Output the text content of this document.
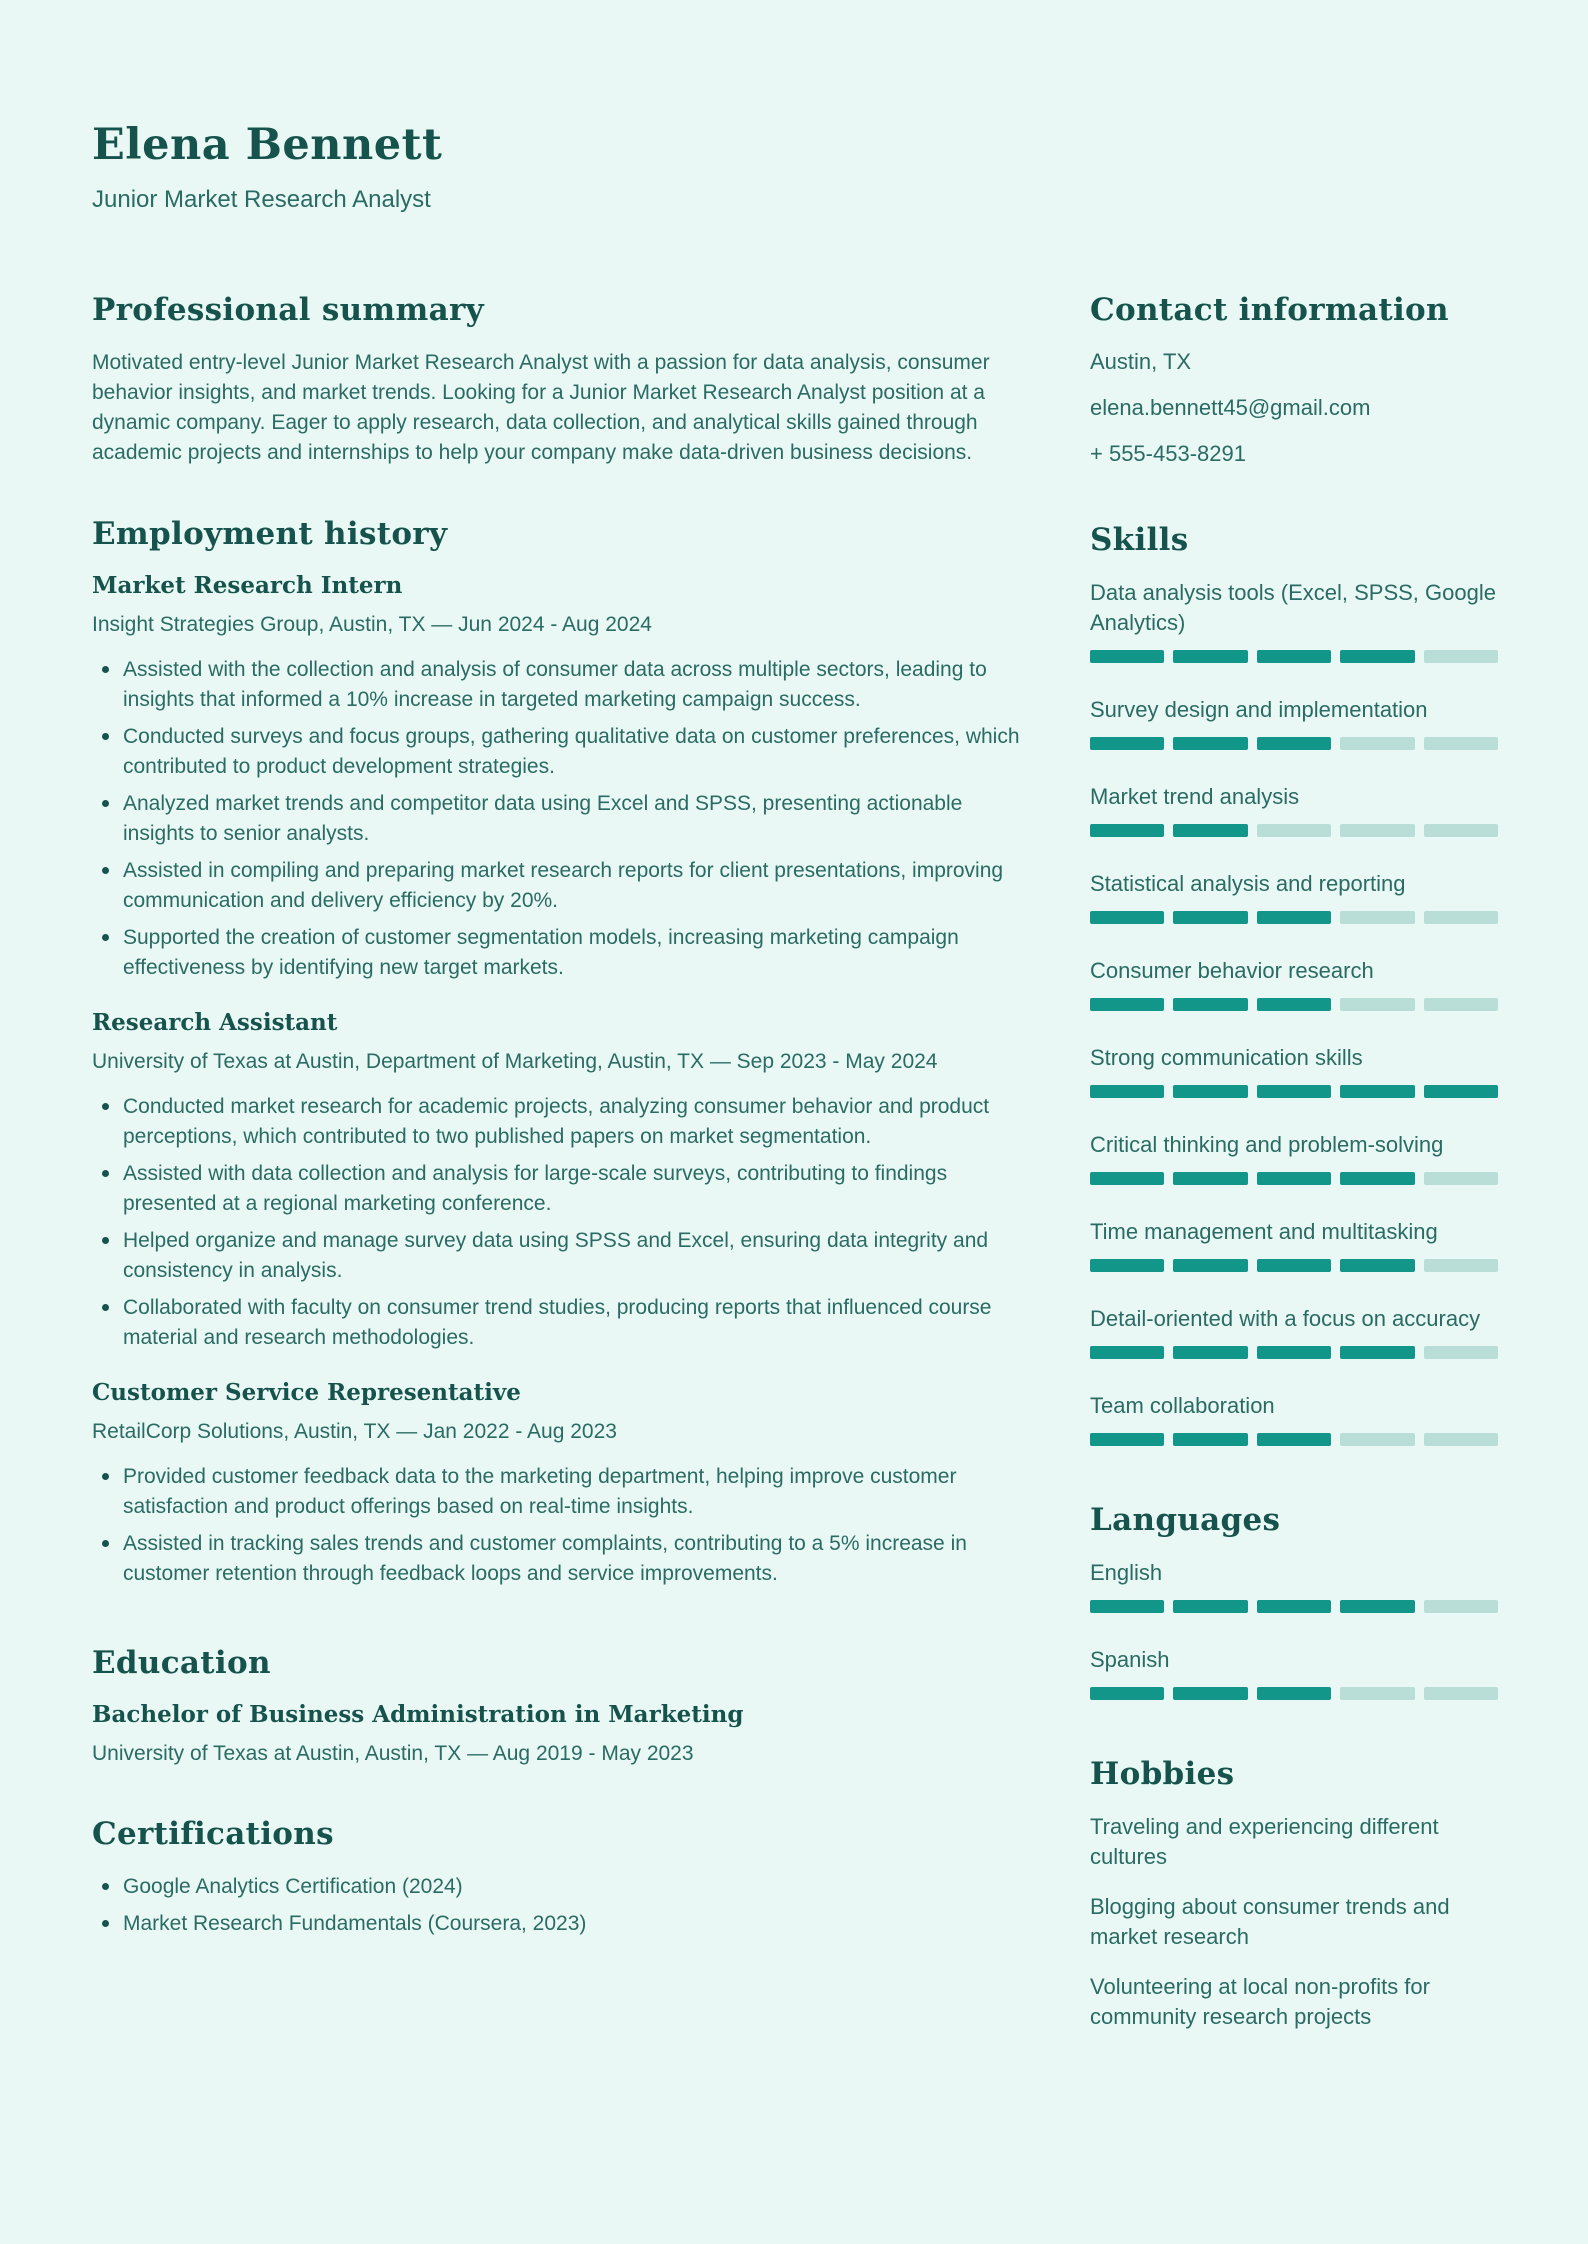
Elena Bennett
Junior Market Research Analyst
Professional summary

Motivated entry-level Junior Market Research Analyst with a passion for data analysis, consumer behavior insights, and market trends. Looking for a Junior Market Research Analyst position at a dynamic company. Eager to apply research, data collection, and analytical skills gained through academic projects and internships to help your company make data-driven business decisions.

Employment history
Market Research Intern
Insight Strategies Group, Austin, TX — Jun 2024 - Aug 2024
Assisted with the collection and analysis of consumer data across multiple sectors, leading to insights that informed a 10% increase in targeted marketing campaign success.
Conducted surveys and focus groups, gathering qualitative data on customer preferences, which contributed to product development strategies.
Analyzed market trends and competitor data using Excel and SPSS, presenting actionable insights to senior analysts.
Assisted in compiling and preparing market research reports for client presentations, improving communication and delivery efficiency by 20%.
Supported the creation of customer segmentation models, increasing marketing campaign effectiveness by identifying new target markets.
Research Assistant
University of Texas at Austin, Department of Marketing, Austin, TX — Sep 2023 - May 2024
Conducted market research for academic projects, analyzing consumer behavior and product perceptions, which contributed to two published papers on market segmentation.
Assisted with data collection and analysis for large-scale surveys, contributing to findings presented at a regional marketing conference.
Helped organize and manage survey data using SPSS and Excel, ensuring data integrity and consistency in analysis.
Collaborated with faculty on consumer trend studies, producing reports that influenced course material and research methodologies.
Customer Service Representative
RetailCorp Solutions, Austin, TX — Jan 2022 - Aug 2023
Provided customer feedback data to the marketing department, helping improve customer satisfaction and product offerings based on real-time insights.
Assisted in tracking sales trends and customer complaints, contributing to a 5% increase in customer retention through feedback loops and service improvements.
Education
Bachelor of Business Administration in Marketing
University of Texas at Austin, Austin, TX — Aug 2019 - May 2023
Certifications
Google Analytics Certification (2024)
Market Research Fundamentals (Coursera, 2023)
Contact information
Austin, TX
elena.bennett45@gmail.com
+ 555-453-8291
Skills
Data analysis tools (Excel, SPSS, Google Analytics)
Survey design and implementation
Market trend analysis
Statistical analysis and reporting
Consumer behavior research
Strong communication skills
Critical thinking and problem-solving
Time management and multitasking
Detail-oriented with a focus on accuracy
Team collaboration
Languages
English
Spanish
Hobbies
Traveling and experiencing different cultures
Blogging about consumer trends and market research
Volunteering at local non-profits for community research projects
